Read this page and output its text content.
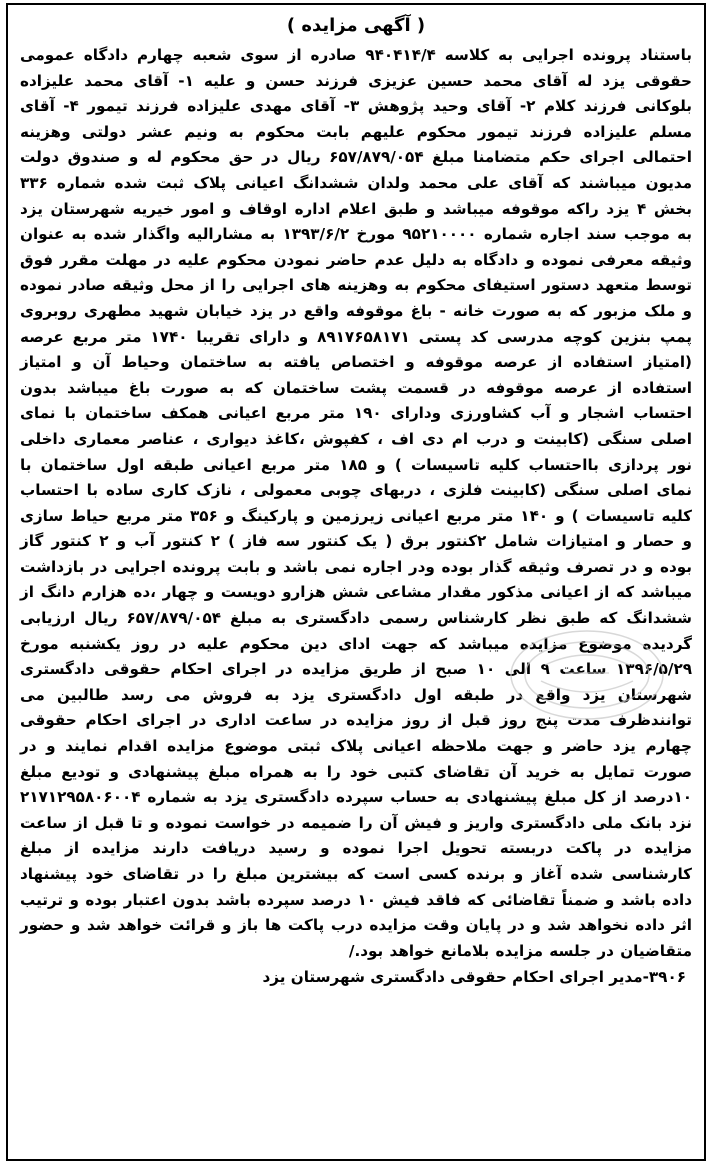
( آگهی مزایده )

باستناد پرونده اجرایی به کلاسه ۹۴۰۴۱۴/۴ صادره از سوی شعبه چهارم دادگاه عمومی حقوقی یزد له آقای محمد حسین عزیزی فرزند حسن و علیه ۱- آقای محمد علیزاده بلوکانی فرزند کلام ۲- آقای وحید پژوهش ۳- آقای مهدی علیزاده فرزند تیمور ۴- آقای مسلم علیزاده فرزند تیمور محکوم علیهم بابت محکوم به ونیم عشر دولتی وهزینه احتمالی اجرای حکم متضامنا مبلغ ۶۵۷/۸۷۹/۰۵۴ ریال در حق محکوم له و صندوق دولت مدیون میباشند که آقای علی محمد ولدان ششدانگ اعیانی پلاک ثبت شده شماره ۳۳۶ بخش ۴ یزد راکه موقوفه میباشد و طبق اعلام اداره اوقاف و امور خیریه شهرستان یزد به موجب سند اجاره شماره ۹۵۲۱۰۰۰۰ مورخ ۱۳۹۳/۶/۲ به مشارالیه واگذار شده به عنوان وثیقه معرفی نموده و دادگاه به دلیل عدم حاضر نمودن محکوم علیه در مهلت مقرر فوق توسط متعهد دستور استیفای محکوم به وهزینه های اجرایی را از محل وثیقه صادر نموده و ملک مزبور که به صورت خانه - باغ موقوفه واقع در یزد خیابان شهید مطهری روبروی پمپ بنزین کوچه مدرسی کد پستی ۸۹۱۷۶۵۸۱۷۱ و دارای تقریبا ۱۷۴۰ متر مربع عرصه (امتیاز استفاده از عرصه موقوفه و اختصاص یافته به ساختمان وحیاط آن و امتیاز استفاده از عرصه موقوفه در قسمت پشت ساختمان که به صورت باغ میباشد بدون احتساب اشجار و آب کشاورزی ودارای ۱۹۰ متر مربع اعیانی همکف ساختمان با نمای اصلی سنگی (کابینت و درب ام دی اف ، کفپوش ،کاغذ دیواری ، عناصر معماری داخلی نور پردازی بااحتساب کلیه تاسیسات ) و ۱۸۵ متر مربع اعیانی طبقه اول ساختمان با نمای اصلی سنگی (کابینت فلزی ، دربهای چوبی معمولی ، نازک کاری ساده با احتساب کلیه تاسیسات ) و ۱۴۰ متر مربع اعیانی زیرزمین و پارکینگ و ۳۵۶ متر مربع حیاط سازی و حصار و امتیازات شامل ۲کنتور برق ( یک کنتور سه فاز ) ۲ کنتور آب و ۲ کنتور گاز بوده و در تصرف وثیقه گذار بوده ودر اجاره نمی باشد و بابت پرونده اجرایی در بازداشت میباشد که از اعیانی مذکور مقدار مشاعی شش هزارو دویست و چهار ،ده هزارم دانگ از ششدانگ که طبق نظر کارشناس رسمی دادگستری به مبلغ ۶۵۷/۸۷۹/۰۵۴ ریال ارزیابی گردیده موضوع مزایده میباشد که جهت ادای دین محکوم علیه در روز یکشنبه مورخ ۱۳۹۶/۵/۲۹ ساعت ۹ الی ۱۰ صبح از طریق مزایده در اجرای احکام حقوقی دادگستری شهرستان یزد واقع در طبقه اول دادگستری یزد به فروش می رسد طالبین می توانندظرف مدت پنج روز قبل از روز مزایده در ساعت اداری در اجرای احکام حقوقی چهارم یزد حاضر و جهت ملاحظه اعیانی پلاک ثبتی موضوع مزایده اقدام نمایند و در صورت تمایل به خرید آن تقاضای کتبی خود را به همراه مبلغ پیشنهادی و تودیع مبلغ ۱۰درصد از کل مبلغ پیشنهادی به حساب سپرده دادگستری یزد به شماره ۲۱۷۱۲۹۵۸۰۶۰۰۴ نزد بانک ملی دادگستری واریز و فیش آن را ضمیمه در خواست نموده و تا قبل از ساعت مزایده در پاکت دربسته تحویل اجرا نموده و رسید دریافت دارند مزایده از مبلغ کارشناسی شده آغاز و برنده کسی است که بیشترین مبلغ را در تقاضای خود پیشنهاد داده باشد و ضمناً تقاضائی که فاقد فیش ۱۰ درصد سپرده باشد بدون اعتبار بوده و ترتیب اثر داده نخواهد شد و در پایان وقت مزایده درب پاکت ها باز و قرائت خواهد شد و حضور متقاضیان در جلسه مزایده بلامانع خواهد بود./

۳۹۰۶-مدیر اجرای احکام حقوقی دادگستری شهرستان یزد
